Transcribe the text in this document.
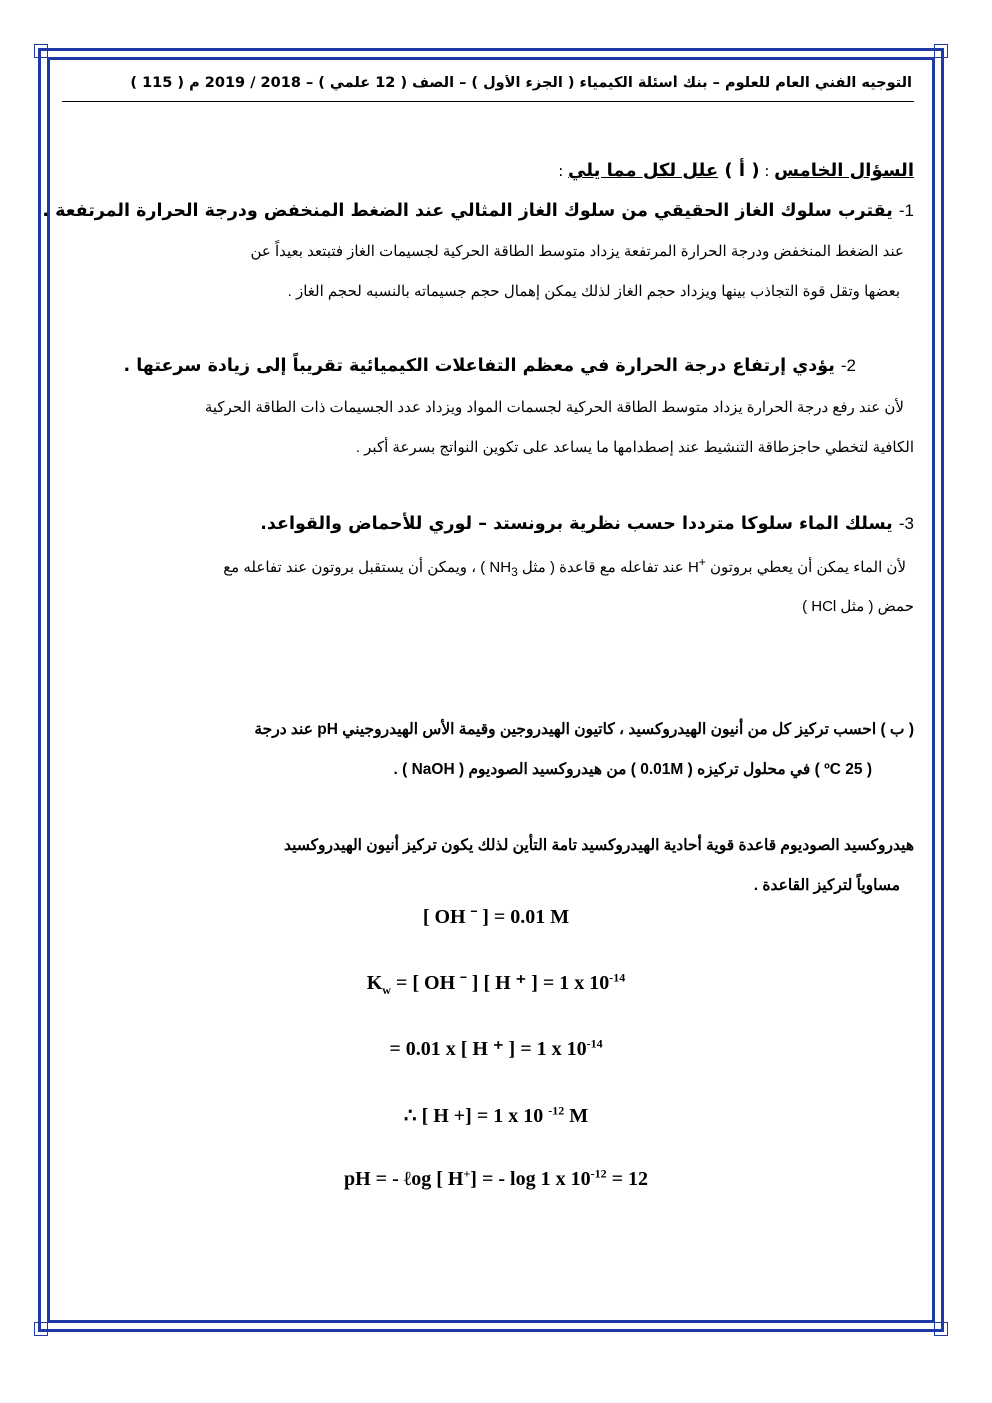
التوجيه الفني العام للعلوم – بنك أسئلة الكيمياء ( الجزء الأول ) – الصف ( 12 علمي ) – 2018 / 2019 م ( 115 )
السؤال الخامس : ( أ ) علل لكل مما يلي :
1- يقترب سلوك الغاز الحقيقي من سلوك الغاز المثالي عند الضغط المنخفض ودرجة الحرارة المرتفعة .
عند الضغط المنخفض ودرجة الحرارة المرتفعة يزداد متوسط الطاقة الحركية لجسيمات الغاز فتبتعد بعيداً عن
بعضها وتقل قوة التجاذب بينها ويزداد حجم الغاز لذلك يمكن إهمال حجم جسيماته بالنسبه لحجم الغاز .
2- يؤدي إرتفاع درجة الحرارة في معظم التفاعلات الكيميائية تقريباً إلى زيادة سرعتها .
لأن عند رفع درجة الحرارة يزداد متوسط الطاقة الحركية لجسمات المواد ويزداد عدد الجسيمات ذات الطاقة الحركية
الكافية لتخطي حاجزطاقة التنشيط عند إصطدامها ما يساعد على تكوين النواتج بسرعة أكبر .
3- يسلك الماء سلوكا مترددا حسب نظرية برونستد – لوري للأحماض والقواعد.
لأن الماء يمكن أن يعطي بروتون H+ عند تفاعله مع قاعدة ( مثل $NH_3$ ) ، ويمكن أن يستقبل بروتون عند تفاعله مع
حمض ( مثل HCl )
( ب ) احسب تركيز كل من أنيون الهيدروكسيد ، كاتيون الهيدروجين وقيمة الأس الهيدروجيني pH عند درجة
( 25 ºC ) في محلول تركيزه ( 0.01M ) من هيدروكسيد الصوديوم ( NaOH ) .
هيدروكسيد الصوديوم قاعدة قوية أحادية الهيدروكسيد تامة التأين لذلك يكون تركيز أنيون الهيدروكسيد
مساوياً لتركيز القاعدة .
[ OH ˉ ] = 0.01 M
$K_w$ = [ OH ˉ ] [ H ⁺ ] = 1 x $10^{-14}$
= 0.01 x [ H ⁺ ] = 1 x $10^{-14}$
∴ [ H +] = 1 x 10 $^{-12}$ M
pH = - ℓog [ H+] = - log 1 x $10^{-12} = 12$
